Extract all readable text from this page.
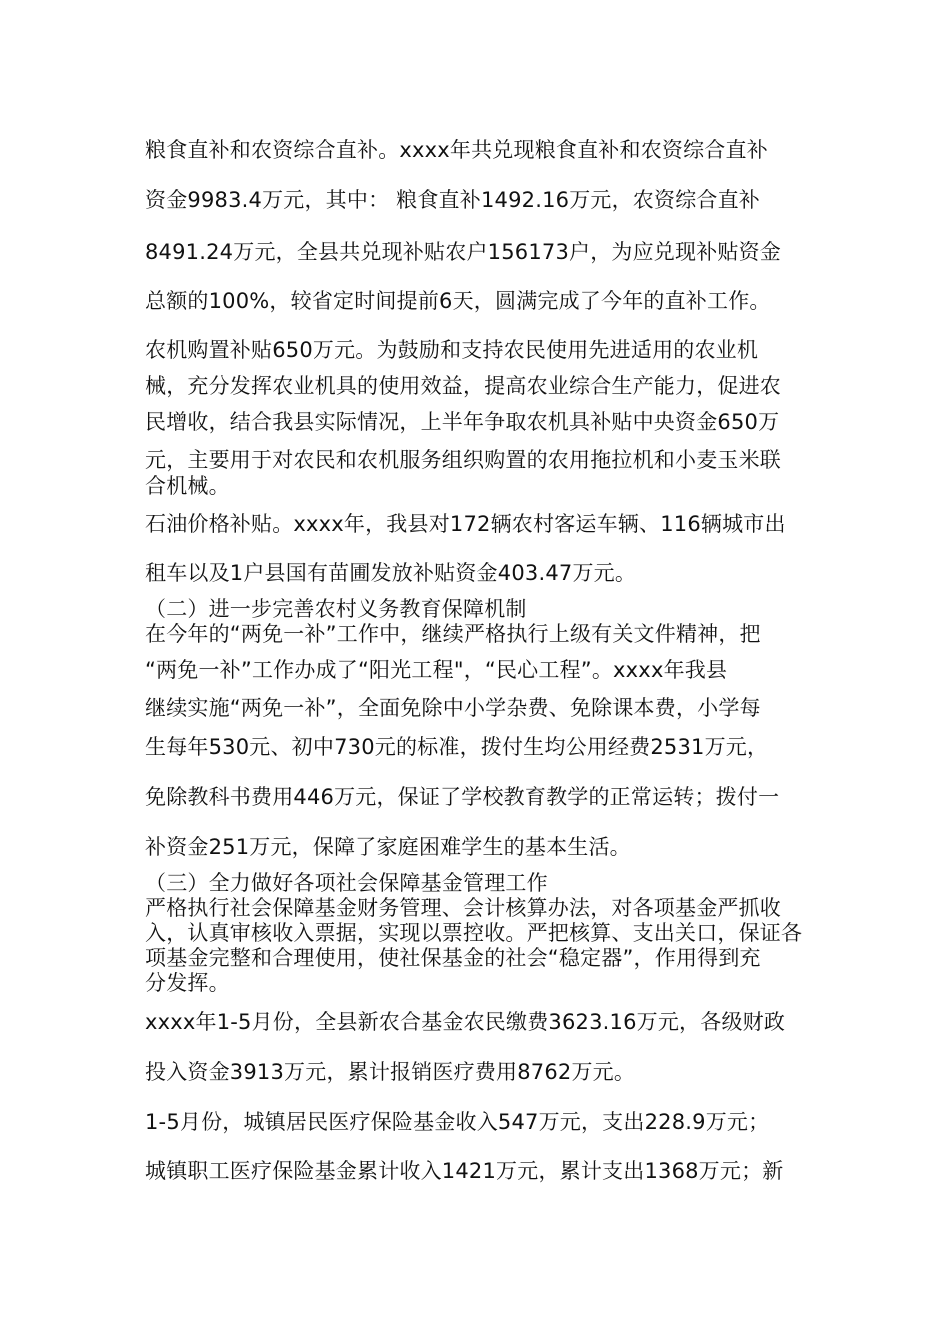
粮食直补和农资综合直补。xxxx年共兑现粮食直补和农资综合直补
资金9983.4万元，其中： 粮食直补1492.16万元，农资综合直补
8491.24万元，全县共兑现补贴农户156173户，为应兑现补贴资金
总额的100%，较省定时间提前6天，圆满完成了今年的直补工作。
农机购置补贴650万元。为鼓励和支持农民使用先进适用的农业机
械，充分发挥农业机具的使用效益，提高农业综合生产能力，促进农
民增收，结合我县实际情况，上半年争取农机具补贴中央资金650万
元，主要用于对农民和农机服务组织购置的农用拖拉机和小麦玉米联
合机械。
石油价格补贴。xxxx年，我县对172辆农村客运车辆、116辆城市出
租车以及1户县国有苗圃发放补贴资金403.47万元。
（二）进一步完善农村义务教育保障机制
在今年的“两免一补”工作中，继续严格执行上级有关文件精神，把
“两免一补”工作办成了“阳光工程"，“民心工程”。xxxx年我县
继续实施“两免一补”，全面免除中小学杂费、免除课本费，小学每
生每年530元、初中730元的标准，拨付生均公用经费2531万元，
免除教科书费用446万元，保证了学校教育教学的正常运转；拨付一
补资金251万元，保障了家庭困难学生的基本生活。
（三）全力做好各项社会保障基金管理工作
严格执行社会保障基金财务管理、会计核算办法，对各项基金严抓收
入，认真审核收入票据，实现以票控收。严把核算、支出关口，保证各
项基金完整和合理使用，使社保基金的社会“稳定器”，作用得到充
分发挥。
xxxx年1-5月份，全县新农合基金农民缴费3623.16万元，各级财政
投入资金3913万元，累计报销医疗费用8762万元。
1-5月份，城镇居民医疗保险基金收入547万元，支出228.9万元；
城镇职工医疗保险基金累计收入1421万元，累计支出1368万元；新
